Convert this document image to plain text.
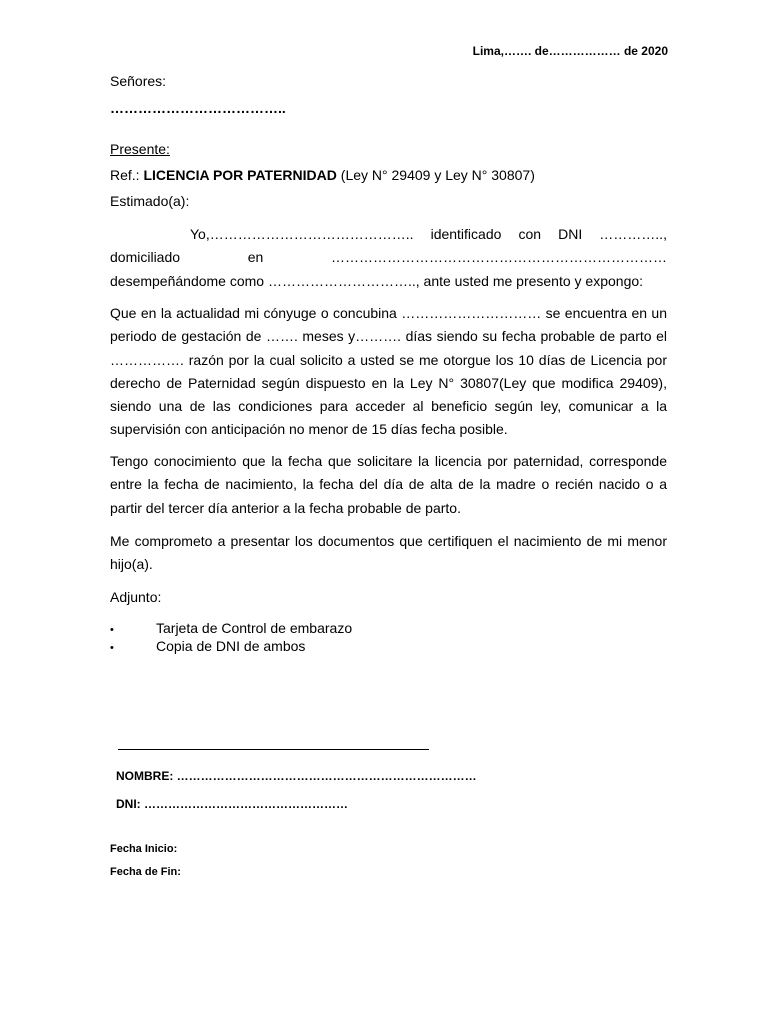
Lima,……. de……………… de 2020
Señores:
………………………………..
Presente:
Ref.: LICENCIA POR PATERNIDAD (Ley N° 29409 y Ley N° 30807)
Estimado(a):
Yo,…………………………………….. identificado con DNI …………..,
domiciliado	en	………………………………………………………………
desempeñándome como ………………………….., ante usted me presento y expongo:
Que en la actualidad mi cónyuge o concubina ………………………… se encuentra en un periodo de gestación de ……. meses y………. días siendo su fecha probable de parto el ……………. razón por la cual solicito a usted se me otorgue los 10 días de Licencia por derecho de Paternidad según dispuesto en la Ley N° 30807(Ley que modifica 29409), siendo una de las condiciones para acceder al beneficio según ley, comunicar a la supervisión con anticipación no menor de 15 días fecha posible.
Tengo conocimiento que la fecha que solicitare la licencia por paternidad, corresponde entre la fecha de nacimiento, la fecha del día de alta de la madre o recién nacido o a partir del tercer día anterior a la fecha probable de parto.
Me comprometo a presentar los documentos que certifiquen el nacimiento de mi menor hijo(a).
Adjunto:
•	Tarjeta de Control de embarazo
•	Copia de DNI de ambos
NOMBRE: …………………………………………………………………
DNI: ……………………………………………
Fecha Inicio:
Fecha de Fin:
